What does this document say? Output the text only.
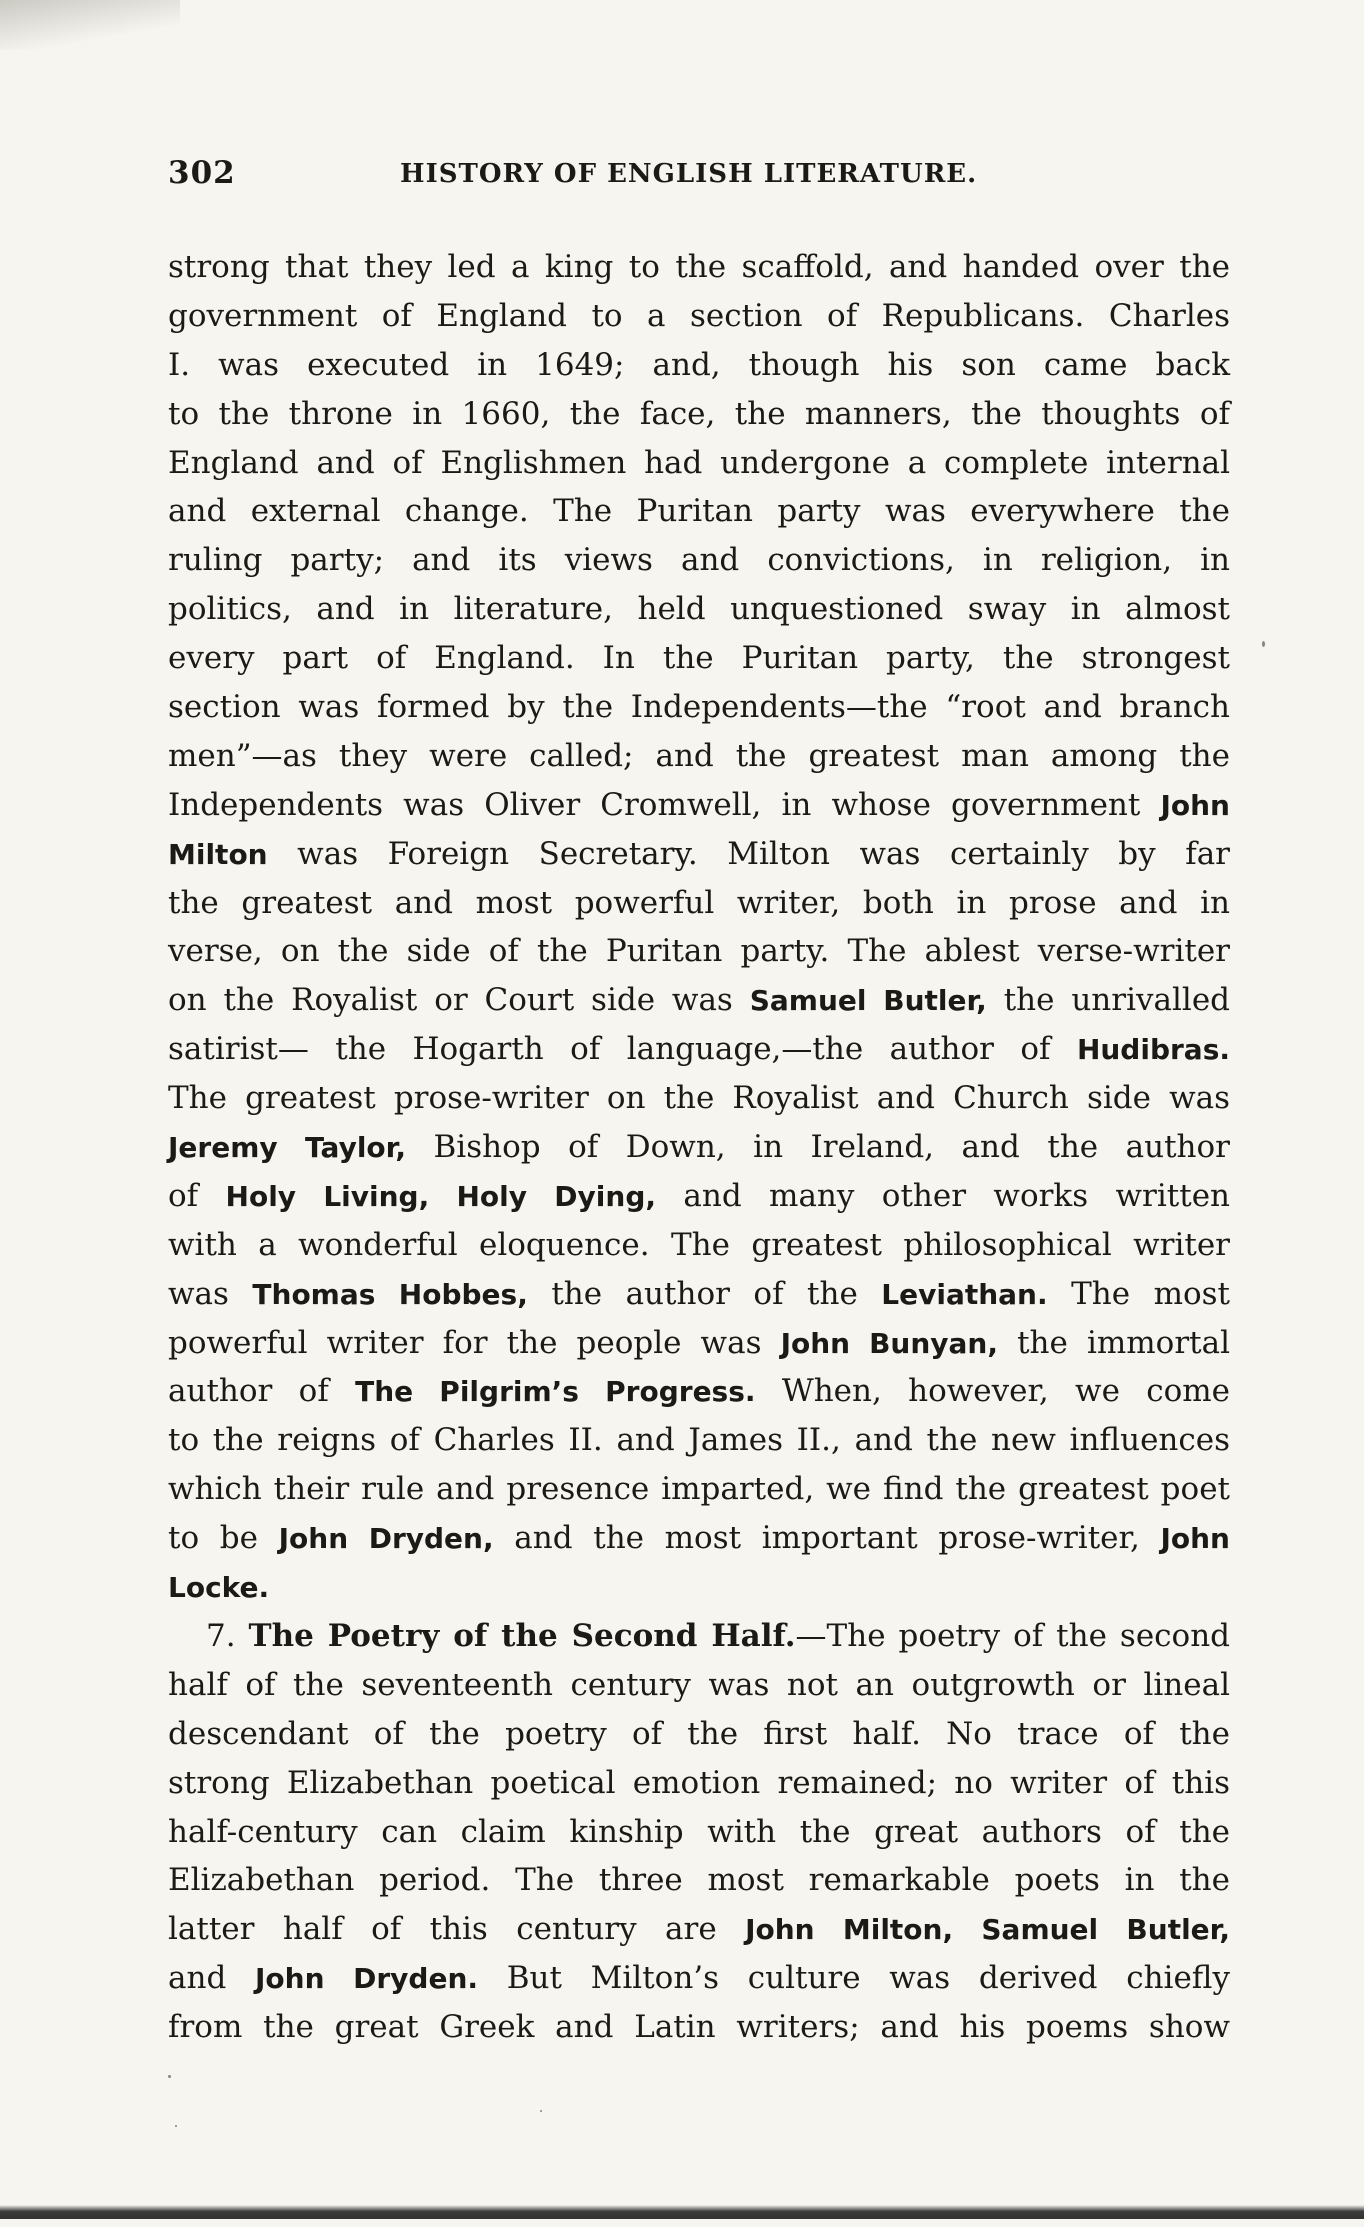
302	HISTORY OF ENGLISH LITERATURE.
strong that they led a king to the scaffold, and handed over the
government of England to a section of Republicans. Charles
I. was executed in 1649; and, though his son came back
to the throne in 1660, the face, the manners, the thoughts of
England and of Englishmen had undergone a complete internal
and external change. The Puritan party was everywhere the
ruling party; and its views and convictions, in religion, in
politics, and in literature, held unquestioned sway in almost
every part of England. In the Puritan party, the strongest
section was formed by the Independents—the “root and branch
men”—as they were called; and the greatest man among the
Independents was Oliver Cromwell, in whose government John
Milton was Foreign Secretary. Milton was certainly by far
the greatest and most powerful writer, both in prose and in
verse, on the side of the Puritan party. The ablest verse-writer
on the Royalist or Court side was Samuel Butler, the unrivalled
satirist— the Hogarth of language,—the author of Hudibras.
The greatest prose-writer on the Royalist and Church side was
Jeremy Taylor, Bishop of Down, in Ireland, and the author
of Holy Living, Holy Dying, and many other works written
with a wonderful eloquence. The greatest philosophical writer
was Thomas Hobbes, the author of the Leviathan. The most
powerful writer for the people was John Bunyan, the immortal
author of The Pilgrim’s Progress. When, however, we come
to the reigns of Charles II. and James II., and the new influences
which their rule and presence imparted, we find the greatest poet
to be John Dryden, and the most important prose-writer, John
Locke.
7. The Poetry of the Second Half.—The poetry of the second
half of the seventeenth century was not an outgrowth or lineal
descendant of the poetry of the first half. No trace of the
strong Elizabethan poetical emotion remained; no writer of this
half-century can claim kinship with the great authors of the
Elizabethan period. The three most remarkable poets in the
latter half of this century are John Milton, Samuel Butler,
and John Dryden. But Milton’s culture was derived chiefly
from the great Greek and Latin writers; and his poems show
